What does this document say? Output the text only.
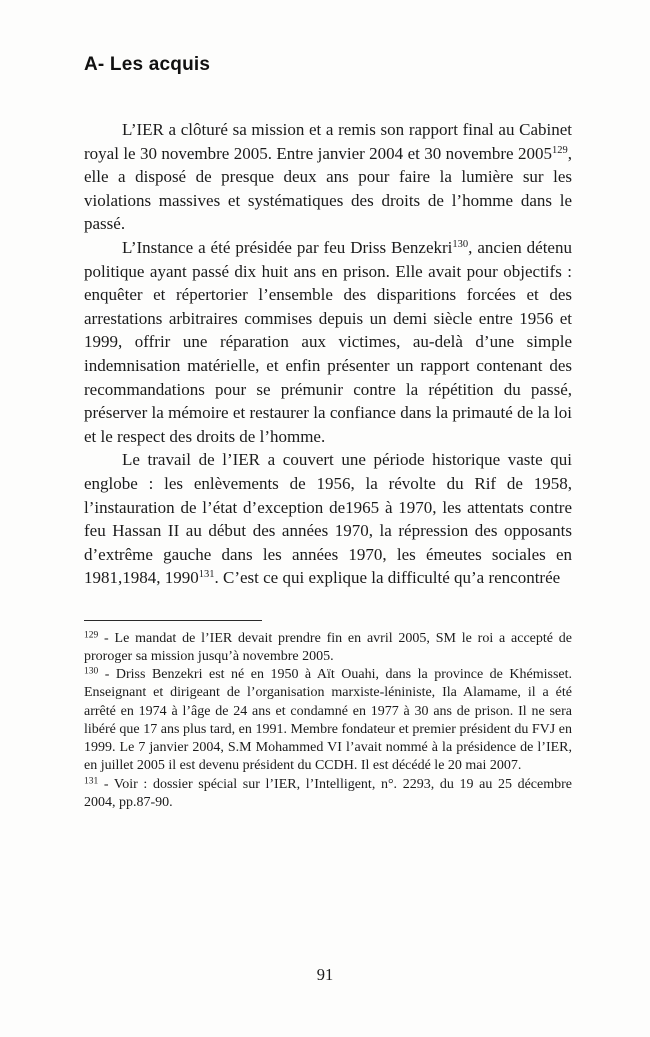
A- Les acquis

L’IER a clôturé sa mission et a remis son rapport final au Cabinet royal le 30 novembre 2005. Entre janvier 2004 et 30 novembre 2005$^{129}$, elle a disposé de presque deux ans pour faire la lumière sur les violations massives et systématiques des droits de l’homme dans le passé.

L’Instance a été présidée par feu Driss Benzekri$^{130}$, ancien détenu politique ayant passé dix huit ans en prison. Elle avait pour objectifs : enquêter et répertorier l’ensemble des disparitions forcées et des arrestations arbitraires commises depuis un demi siècle entre 1956 et 1999, offrir une réparation aux victimes, au-delà d’une simple indemnisation matérielle, et enfin présenter un rapport contenant des recommandations pour se prémunir contre la répétition du passé, préserver la mémoire et restaurer la confiance dans la primauté de la loi et le respect des droits de l’homme.

Le travail de l’IER a couvert une période historique vaste qui englobe : les enlèvements de 1956, la révolte du Rif de 1958, l’instauration de l’état d’exception de1965 à 1970, les attentats contre feu Hassan II au début des années 1970, la répression des opposants d’extrême gauche dans les années 1970, les émeutes sociales en 1981,1984, 1990$^{131}$. C’est ce qui explique la difficulté qu’a rencontrée

$^{129}$ - Le mandat de l’IER devait prendre fin en avril 2005, SM le roi a accepté de proroger sa mission jusqu’à novembre 2005.

$^{130}$ - Driss Benzekri est né en 1950 à Aït Ouahi, dans la province de Khémisset. Enseignant et dirigeant de l’organisation marxiste-léniniste, Ila Alamame, il a été arrêté en 1974 à l’âge de 24 ans et condamné en 1977 à 30 ans de prison. Il ne sera libéré que 17 ans plus tard, en 1991. Membre fondateur et premier président du FVJ en 1999. Le 7 janvier 2004, S.M Mohammed VI l’avait nommé à la présidence de l’IER, en juillet 2005 il est devenu président du CCDH. Il est décédé le 20 mai 2007.

$^{131}$ - Voir : dossier spécial sur l’IER, l’Intelligent, n°. 2293, du 19 au 25 décembre 2004, pp.87-90.

91
